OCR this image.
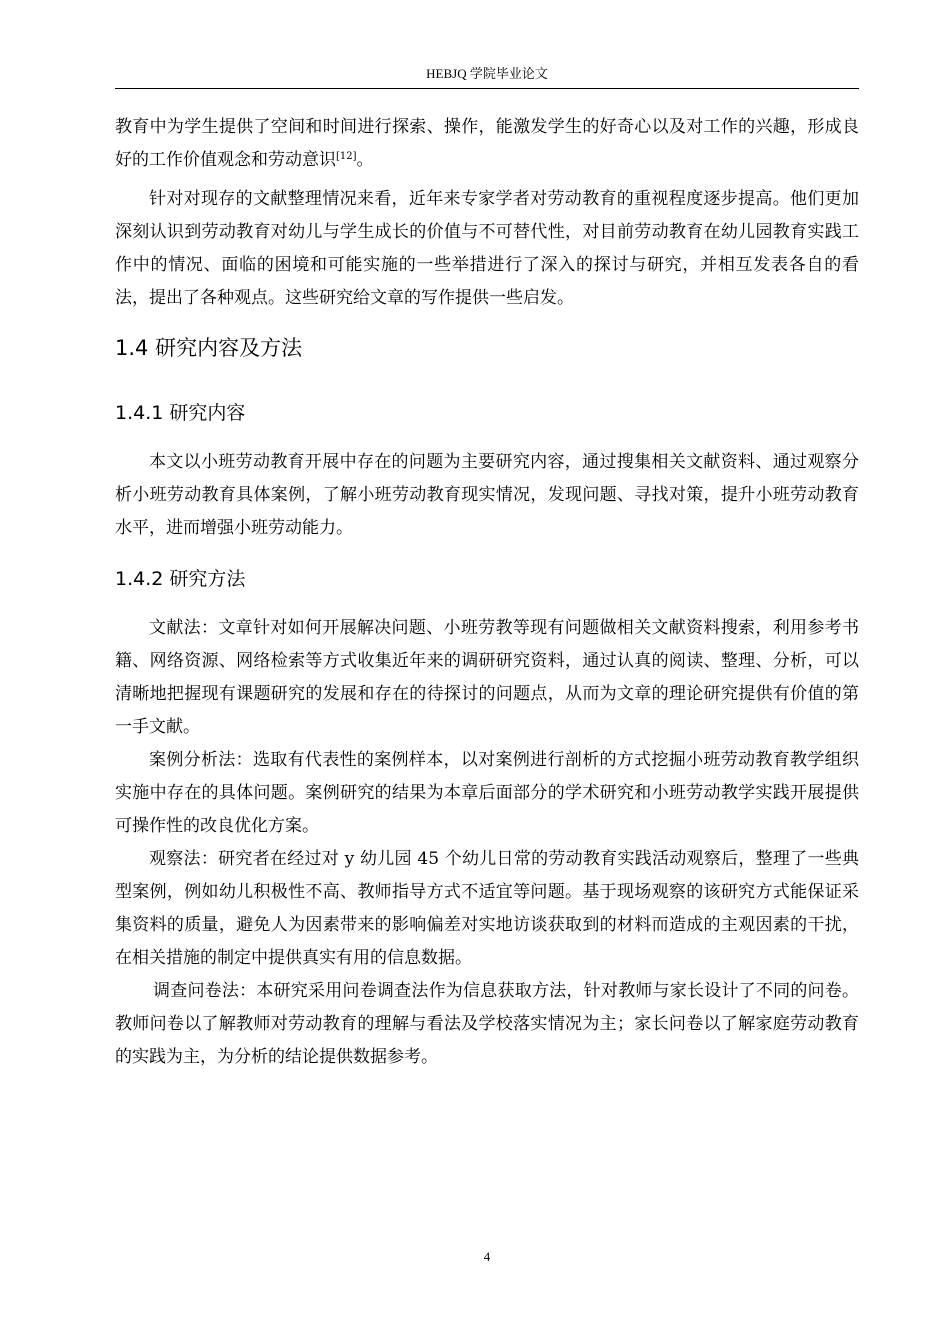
HEBJQ 学院毕业论文

教育中为学生提供了空间和时间进行探索、操作，能激发学生的好奇心以及对工作的兴趣，形成良好的工作价值观念和劳动意识[12]。

针对对现存的文献整理情况来看，近年来专家学者对劳动教育的重视程度逐步提高。他们更加深刻认识到劳动教育对幼儿与学生成长的价值与不可替代性，对目前劳动教育在幼儿园教育实践工作中的情况、面临的困境和可能实施的一些举措进行了深入的探讨与研究，并相互发表各自的看法，提出了各种观点。这些研究给文章的写作提供一些启发。

1.4 研究内容及方法
1.4.1 研究内容

本文以小班劳动教育开展中存在的问题为主要研究内容，通过搜集相关文献资料、通过观察分析小班劳动教育具体案例，了解小班劳动教育现实情况，发现问题、寻找对策，提升小班劳动教育水平，进而增强小班劳动能力。

1.4.2 研究方法

文献法：文章针对如何开展解决问题、小班劳教等现有问题做相关文献资料搜索，利用参考书籍、网络资源、网络检索等方式收集近年来的调研研究资料，通过认真的阅读、整理、分析，可以清晰地把握现有课题研究的发展和存在的待探讨的问题点，从而为文章的理论研究提供有价值的第一手文献。

案例分析法：选取有代表性的案例样本，以对案例进行剖析的方式挖掘小班劳动教育教学组织实施中存在的具体问题。案例研究的结果为本章后面部分的学术研究和小班劳动教学实践开展提供可操作性的改良优化方案。

观察法：研究者在经过对 y 幼儿园 45 个幼儿日常的劳动教育实践活动观察后，整理了一些典型案例，例如幼儿积极性不高、教师指导方式不适宜等问题。基于现场观察的该研究方式能保证采集资料的质量，避免人为因素带来的影响偏差对实地访谈获取到的材料而造成的主观因素的干扰，在相关措施的制定中提供真实有用的信息数据。

调查问卷法：本研究采用问卷调查法作为信息获取方法，针对教师与家长设计了不同的问卷。教师问卷以了解教师对劳动教育的理解与看法及学校落实情况为主；家长问卷以了解家庭劳动教育的实践为主，为分析的结论提供数据参考。

4
